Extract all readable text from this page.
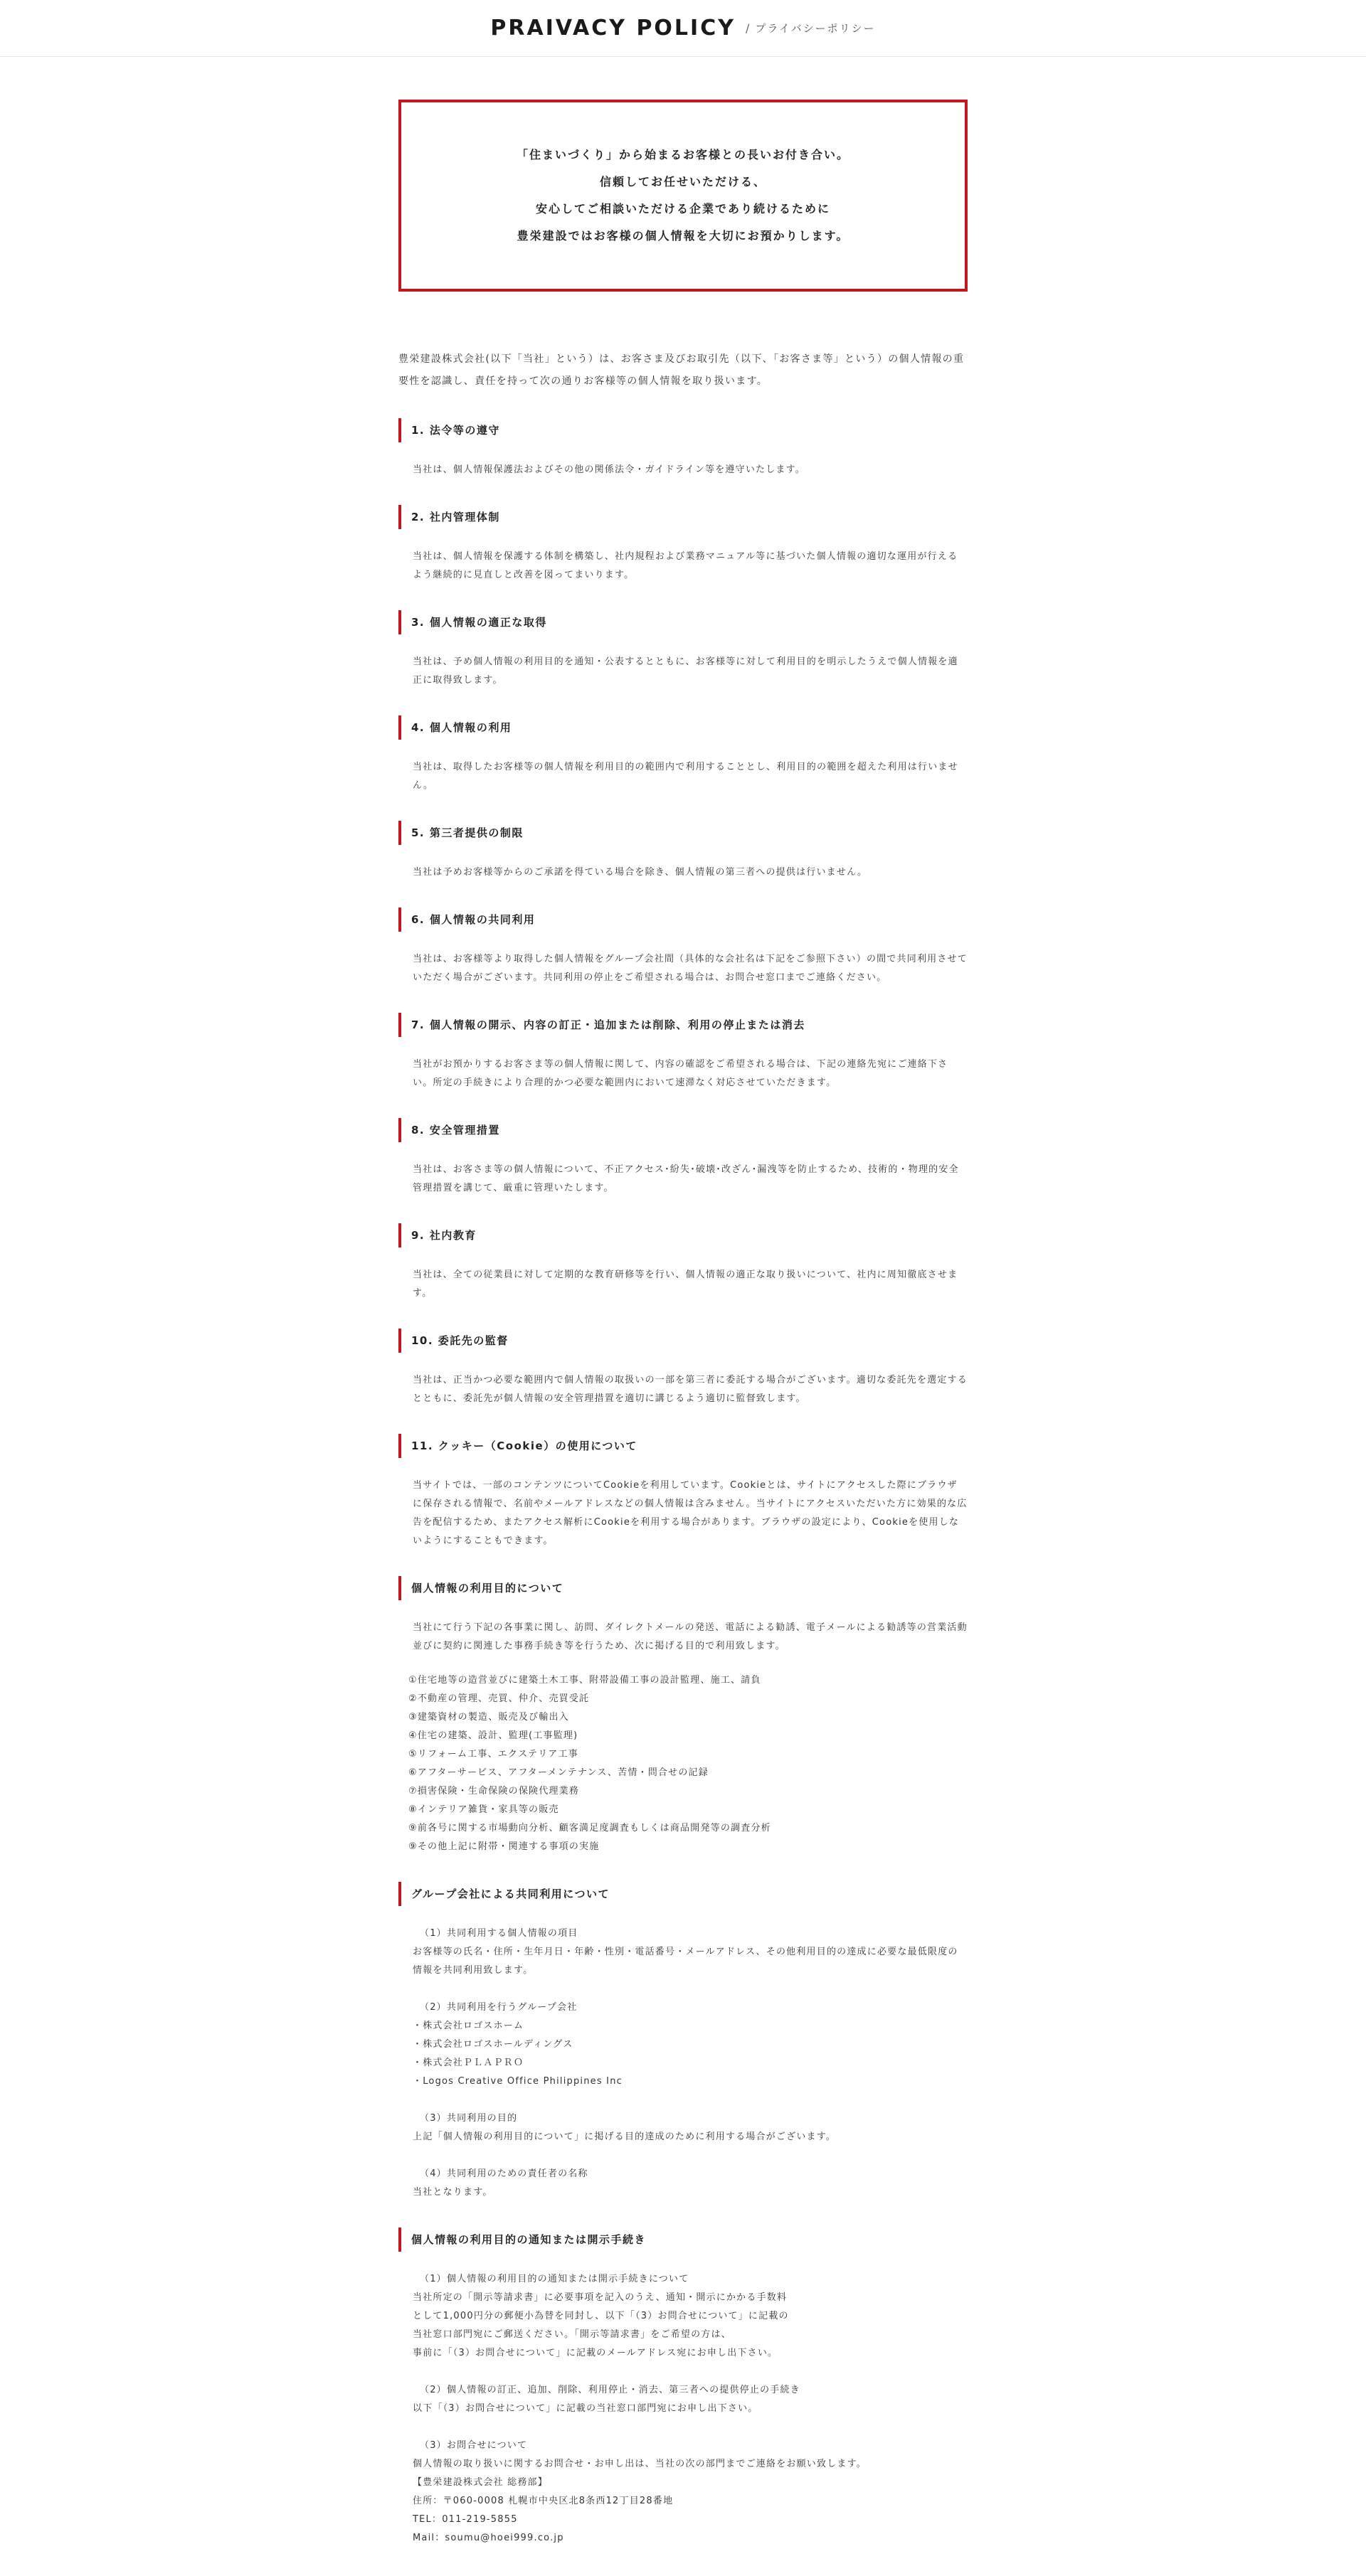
PRAIVACY POLICY / プライバシーポリシー

「住まいづくり」から始まるお客様との長いお付き合い。

信頼してお任せいただける、

安心してご相談いただける企業であり続けるために

豊栄建設ではお客様の個人情報を大切にお預かりします。

豊栄建設株式会社(以下「当社」という）は、お客さま及びお取引先（以下、「お客さま等」という）の個人情報の重要性を認識し、責任を持って次の通りお客様等の個人情報を取り扱います。

1. 法令等の遵守

当社は、個人情報保護法およびその他の関係法令・ガイドライン等を遵守いたします。

2. 社内管理体制

当社は、個人情報を保護する体制を構築し、社内規程および業務マニュアル等に基づいた個人情報の適切な運用が行えるよう継続的に見直しと改善を図ってまいります。

3. 個人情報の適正な取得

当社は、予め個人情報の利用目的を通知・公表するとともに、お客様等に対して利用目的を明示したうえで個人情報を適正に取得致します。

4. 個人情報の利用

当社は、取得したお客様等の個人情報を利用目的の範囲内で利用することとし、利用目的の範囲を超えた利用は行いません。

5. 第三者提供の制限

当社は予めお客様等からのご承諾を得ている場合を除き、個人情報の第三者への提供は行いません。

6. 個人情報の共同利用

当社は、お客様等より取得した個人情報をグループ会社間（具体的な会社名は下記をご参照下さい）の間で共同利用させていただく場合がございます。共同利用の停止をご希望される場合は、お問合せ窓口までご連絡ください。

7. 個人情報の開示、内容の訂正・追加または削除、利用の停止または消去

当社がお預かりするお客さま等の個人情報に関して、内容の確認をご希望される場合は、下記の連絡先宛にご連絡下さい。所定の手続きにより合理的かつ必要な範囲内において速滞なく対応させていただきます。

8. 安全管理措置

当社は、お客さま等の個人情報について、不正アクセス･紛失･破壊･改ざん･漏洩等を防止するため、技術的・物理的安全管理措置を講じて、厳重に管理いたします。

9. 社内教育

当社は、全ての従業員に対して定期的な教育研修等を行い、個人情報の適正な取り扱いについて、社内に周知徹底させます。

10. 委託先の監督

当社は、正当かつ必要な範囲内で個人情報の取扱いの一部を第三者に委託する場合がございます。適切な委託先を選定するとともに、委託先が個人情報の安全管理措置を適切に講じるよう適切に監督致します。

11. クッキー（Cookie）の使用について

当サイトでは、一部のコンテンツについてCookieを利用しています。Cookieとは、サイトにアクセスした際にブラウザに保存される情報で、名前やメールアドレスなどの個人情報は含みません。当サイトにアクセスいただいた方に効果的な広告を配信するため、またアクセス解析にCookieを利用する場合があります。ブラウザの設定により、Cookieを使用しないようにすることもできます。

個人情報の利用目的について

当社にて行う下記の各事業に関し、訪問、ダイレクトメールの発送、電話による勧誘、電子メールによる勧誘等の営業活動並びに契約に関連した事務手続き等を行うため、次に掲げる目的で利用致します。

①住宅地等の造営並びに建築土木工事、附帯設備工事の設計監理、施工、請負
②不動産の管理、売買、仲介、売買受託
③建築資材の製造、販売及び輸出入
④住宅の建築、設計、監理(工事監理)
⑤リフォーム工事、エクステリア工事
⑥アフターサービス、アフターメンテナンス、苦情・問合せの記録
⑦損害保険・生命保険の保険代理業務
⑧インテリア雑貨・家具等の販売
⑨前各号に関する市場動向分析、顧客満足度調査もしくは商品開発等の調査分析
⑨その他上記に附帯・関連する事項の実施
グループ会社による共同利用について
（1）共同利用する個人情報の項目
お客様等の氏名・住所・生年月日・年齢・性別・電話番号・メールアドレス、その他利用目的の達成に必要な最低限度の情報を共同利用致します。
（2）共同利用を行うグループ会社
・株式会社ロゴスホーム
・株式会社ロゴスホールディングス
・株式会社ＰＬＡＰＲＯ
・Logos Creative Office Philippines Inc
（3）共同利用の目的
上記「個人情報の利用目的について」に掲げる目的達成のために利用する場合がございます。
（4）共同利用のための責任者の名称
当社となります。
個人情報の利用目的の通知または開示手続き
（1）個人情報の利用目的の通知または開示手続きについて
当社所定の「開示等請求書」に必要事項を記入のうえ、通知・開示にかかる手数料
として1,000円分の郵便小為替を同封し、以下「（3）お問合せについて」に記載の
当社窓口部門宛にご郵送ください。「開示等請求書」をご希望の方は、
事前に「（3）お問合せについて」に記載のメールアドレス宛にお申し出下さい。
（2）個人情報の訂正、追加、削除、利用停止・消去、第三者への提供停止の手続き
以下「（3）お問合せについて」に記載の当社窓口部門宛にお申し出下さい。
（3）お問合せについて
個人情報の取り扱いに関するお問合せ・お申し出は、当社の次の部門までご連絡をお願い致します。
【豊栄建設株式会社 総務部】
住所：〒060-0008 札幌市中央区北8条西12丁目28番地
TEL：011-219-5855
Mail：soumu@hoei999.co.jp
